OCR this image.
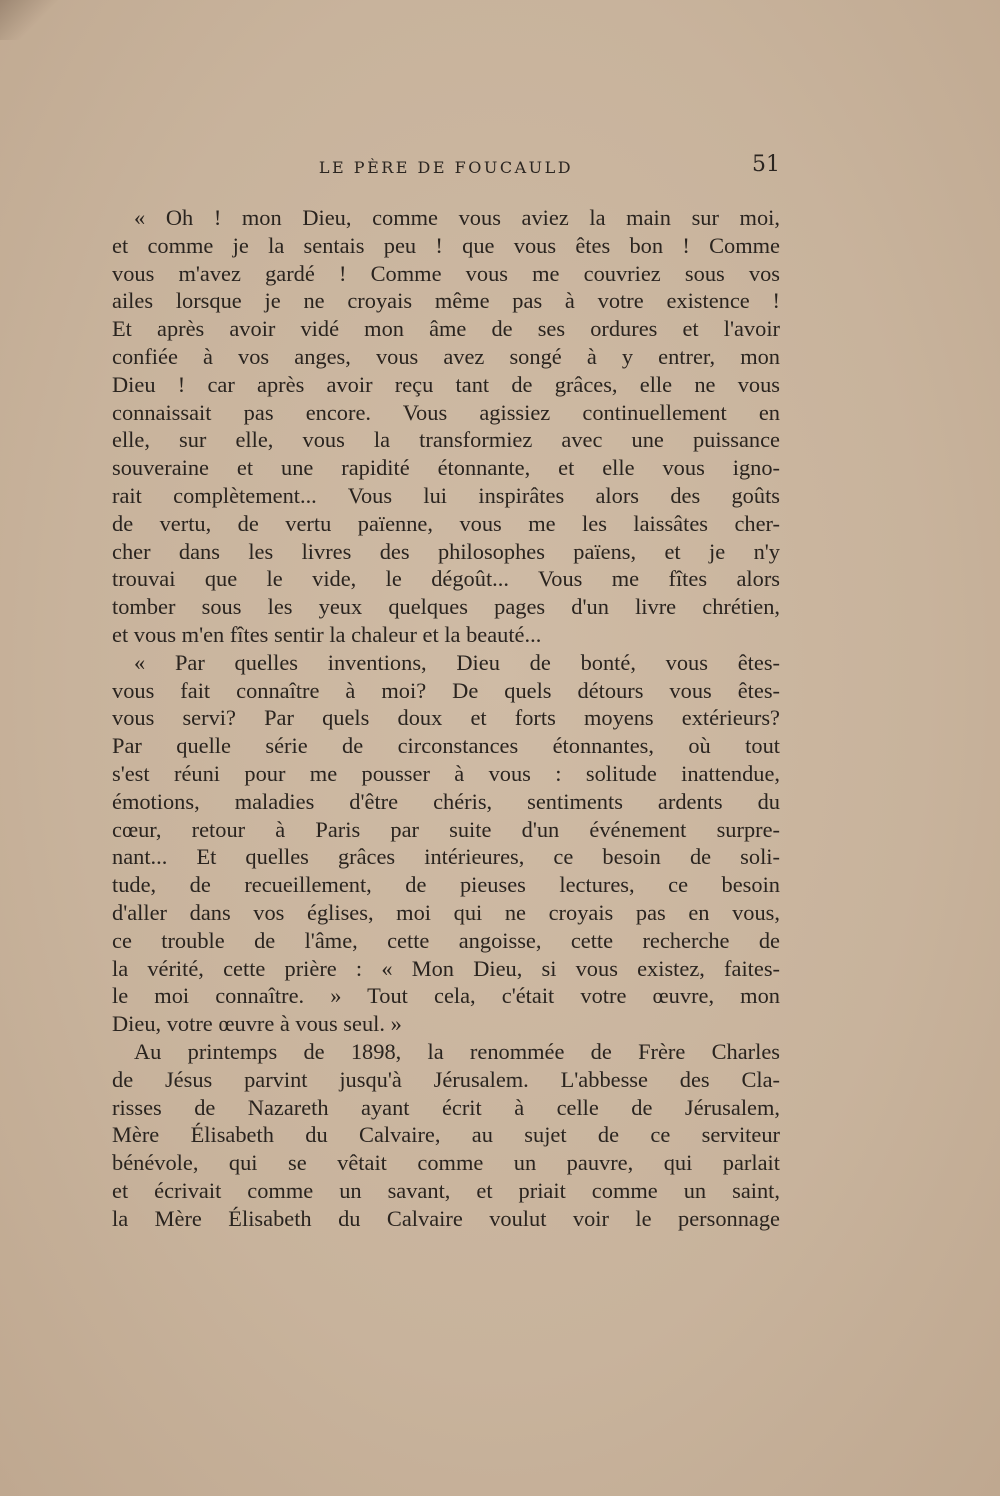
LE PÈRE DE FOUCAULD	51

« Oh ! mon Dieu, comme vous aviez la main sur moi,
et comme je la sentais peu ! que vous êtes bon ! Comme
vous m'avez gardé ! Comme vous me couvriez sous vos
ailes lorsque je ne croyais même pas à votre existence !
Et après avoir vidé mon âme de ses ordures et l'avoir
confiée à vos anges, vous avez songé à y entrer, mon
Dieu ! car après avoir reçu tant de grâces, elle ne vous
connaissait pas encore. Vous agissiez continuellement en
elle, sur elle, vous la transformiez avec une puissance
souveraine et une rapidité étonnante, et elle vous igno-
rait complètement... Vous lui inspirâtes alors des goûts
de vertu, de vertu païenne, vous me les laissâtes cher-
cher dans les livres des philosophes païens, et je n'y
trouvai que le vide, le dégoût... Vous me fîtes alors
tomber sous les yeux quelques pages d'un livre chrétien,
et vous m'en fîtes sentir la chaleur et la beauté...

« Par quelles inventions, Dieu de bonté, vous êtes-
vous fait connaître à moi? De quels détours vous êtes-
vous servi? Par quels doux et forts moyens extérieurs?
Par quelle série de circonstances étonnantes, où tout
s'est réuni pour me pousser à vous : solitude inattendue,
émotions, maladies d'être chéris, sentiments ardents du
cœur, retour à Paris par suite d'un événement surpre-
nant... Et quelles grâces intérieures, ce besoin de soli-
tude, de recueillement, de pieuses lectures, ce besoin
d'aller dans vos églises, moi qui ne croyais pas en vous,
ce trouble de l'âme, cette angoisse, cette recherche de
la vérité, cette prière : « Mon Dieu, si vous existez, faites-
le moi connaître. » Tout cela, c'était votre œuvre, mon
Dieu, votre œuvre à vous seul. »

Au printemps de 1898, la renommée de Frère Charles
de Jésus parvint jusqu'à Jérusalem. L'abbesse des Cla-
risses de Nazareth ayant écrit à celle de Jérusalem,
Mère Élisabeth du Calvaire, au sujet de ce serviteur
bénévole, qui se vêtait comme un pauvre, qui parlait
et écrivait comme un savant, et priait comme un saint,
la Mère Élisabeth du Calvaire voulut voir le personnage
